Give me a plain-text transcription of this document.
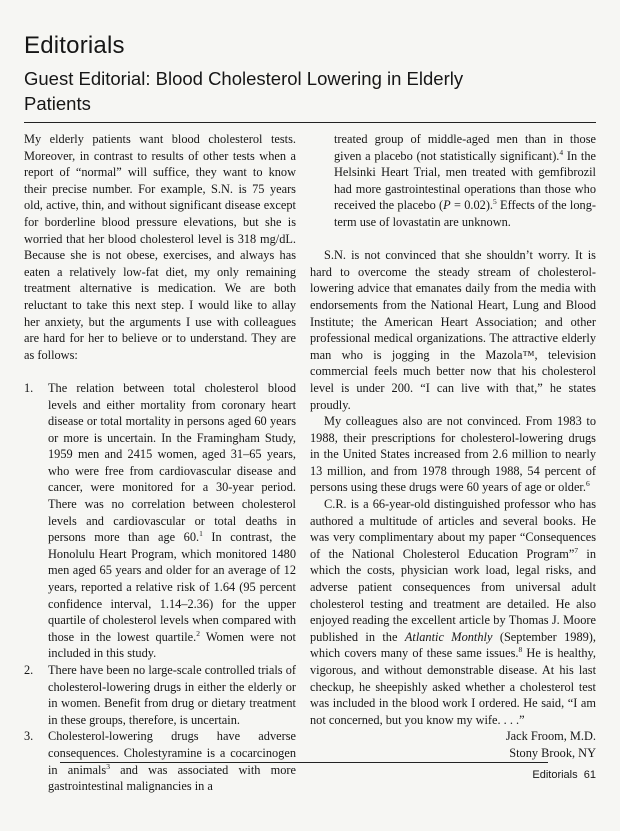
Editorials
Guest Editorial: Blood Cholesterol Lowering in Elderly Patients

My elderly patients want blood cholesterol tests. Moreover, in contrast to results of other tests when a report of “normal” will suffice, they want to know their precise number. For example, S.N. is 75 years old, active, thin, and without significant disease except for borderline blood pressure elevations, but she is worried that her blood cholesterol level is 318 mg/dL. Because she is not obese, exercises, and always has eaten a relatively low-fat diet, my only remaining treatment alternative is medication. We are both reluctant to take this next step. I would like to allay her anxiety, but the arguments I use with colleagues are hard for her to believe or to understand. They are as follows:

1. The relation between total cholesterol blood levels and either mortality from coronary heart disease or total mortality in persons aged 60 years or more is uncertain. In the Framingham Study, 1959 men and 2415 women, aged 31–65 years, who were free from cardiovascular disease and cancer, were monitored for a 30-year period. There was no correlation between cholesterol levels and cardiovascular or total deaths in persons more than age 60.$^1$ In contrast, the Honolulu Heart Program, which monitored 1480 men aged 65 years and older for an average of 12 years, reported a relative risk of 1.64 (95 percent confidence interval, 1.14–2.36) for the upper quartile of cholesterol levels when compared with those in the lowest quartile.$^2$ Women were not included in this study.
2. There have been no large-scale controlled trials of cholesterol-lowering drugs in either the elderly or in women. Benefit from drug or dietary treatment in these groups, therefore, is uncertain.
3. Cholesterol-lowering drugs have adverse consequences. Cholestyramine is a cocarcinogen in animals$^3$ and was associated with more gastrointestinal malignancies in a

treated group of middle-aged men than in those given a placebo (not statistically significant).$^4$ In the Helsinki Heart Trial, men treated with gemfibrozil had more gastrointestinal operations than those who received the placebo (P = 0.02).$^5$ Effects of the long-term use of lovastatin are unknown.

S.N. is not convinced that she shouldn’t worry. It is hard to overcome the steady stream of cholesterol-lowering advice that emanates daily from the media with endorsements from the National Heart, Lung and Blood Institute; the American Heart Association; and other professional medical organizations. The attractive elderly man who is jogging in the Mazola™, television commercial feels much better now that his cholesterol level is under 200. “I can live with that,” he states proudly.

My colleagues also are not convinced. From 1983 to 1988, their prescriptions for cholesterol-lowering drugs in the United States increased from 2.6 million to nearly 13 million, and from 1978 through 1988, 54 percent of persons using these drugs were 60 years of age or older.$^6$

C.R. is a 66-year-old distinguished professor who has authored a multitude of articles and several books. He was very complimentary about my paper “Consequences of the National Cholesterol Education Program”$^7$ in which the costs, physician work load, legal risks, and adverse patient consequences from universal adult cholesterol testing and treatment are detailed. He also enjoyed reading the excellent article by Thomas J. Moore published in the Atlantic Monthly (September 1989), which covers many of these same issues.$^8$ He is healthy, vigorous, and without demonstrable disease. At his last checkup, he sheepishly asked whether a cholesterol test was included in the blood work I ordered. He said, “I am not concerned, but you know my wife. . . .”

Jack Froom, M.D.
Stony Brook, NY
Editorials 61
